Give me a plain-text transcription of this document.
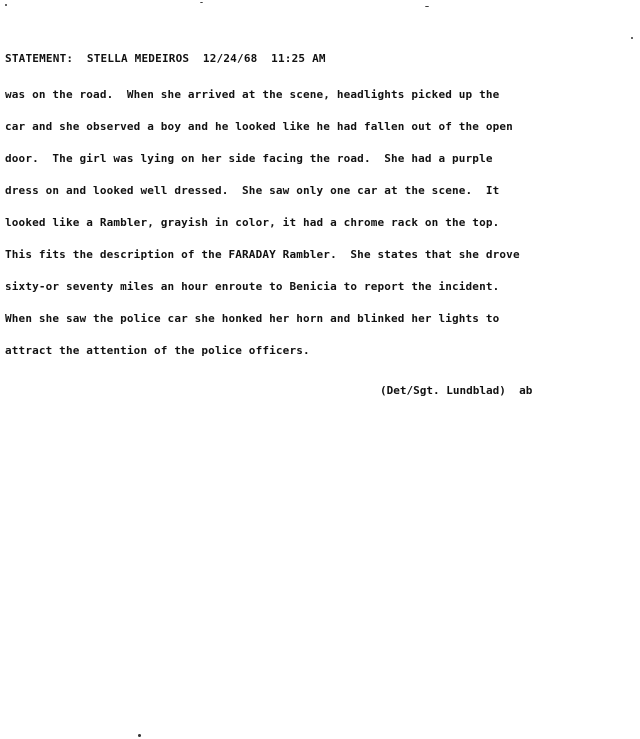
STATEMENT: STELLA MEDEIROS 12/24/68 11:25 AM
was on the road.  When she arrived at the scene, headlights picked up the
car and she observed a boy and he looked like he had fallen out of the open
door.  The girl was lying on her side facing the road.  She had a purple
dress on and looked well dressed.  She saw only one car at the scene.  It
looked like a Rambler, grayish in color, it had a chrome rack on the top.
This fits the description of the FARADAY Rambler.  She states that she drove
sixty-or seventy miles an hour enroute to Benicia to report the incident.
When she saw the police car she honked her horn and blinked her lights to
attract the attention of the police officers.
(Det/Sgt. Lundblad)  ab
